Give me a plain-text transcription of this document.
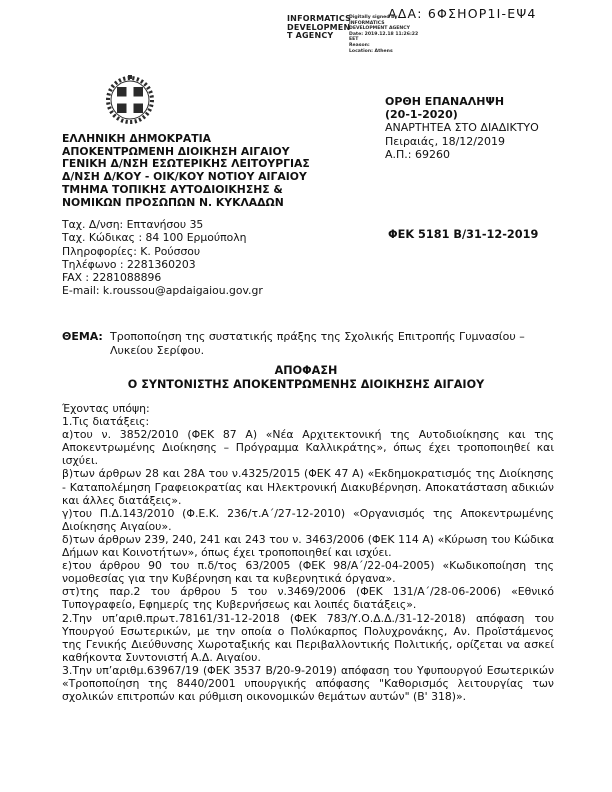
ΑΔΑ: 6ΦΣΗΟΡ1Ι-ΕΨ4
INFORMATICS
DEVELOPMEN
T AGENCY
Digitally signed by
INFORMATICS
DEVELOPMENT AGENCY
Date: 2019.12.18 11:26:22
EET
Reason:
Location: Athens
ΕΛΛΗΝΙΚΗ ΔΗΜΟΚΡΑΤΙΑ
ΑΠΟΚΕΝΤΡΩΜΕΝΗ ΔΙΟΙΚΗΣΗ ΑΙΓΑΙΟΥ
ΓΕΝΙΚΗ Δ/ΝΣΗ ΕΣΩΤΕΡΙΚΗΣ ΛΕΙΤΟΥΡΓΙΑΣ
Δ/ΝΣΗ Δ/ΚΟΥ - ΟΙΚ/ΚΟΥ ΝΟΤΙΟΥ ΑΙΓΑΙΟΥ
ΤΜΗΜΑ ΤΟΠΙΚΗΣ ΑΥΤΟΔΙΟΙΚΗΣΗΣ &
ΝΟΜΙΚΩΝ ΠΡΟΣΩΠΩΝ Ν. ΚΥΚΛΑΔΩΝ
ΟΡΘΗ ΕΠΑΝΑΛΗΨΗ
(20-1-2020)
ΑΝΑΡΤΗΤΕΑ ΣΤΟ ΔΙΑΔΙΚΤΥΟ
Πειραιάς, 18/12/2019
Α.Π.: 69260
Ταχ. Δ/νση: Επτανήσου 35
Ταχ. Κώδικας : 84 100 Ερμούπολη
Πληροφορίες: Κ. Ρούσσου
Τηλέφωνο : 2281360203
FAX : 2281088896
E-mail: k.roussou@apdaigaiou.gov.gr
ΦΕΚ 5181 Β/31-12-2019
ΘΕΜΑ: Τροποποίηση της συστατικής πράξης της Σχολικής Επιτροπής Γυμνασίου – Λυκείου Σερίφου.
ΑΠΟΦΑΣΗ
Ο ΣΥΝΤΟΝΙΣΤΗΣ ΑΠΟΚΕΝΤΡΩΜΕΝΗΣ ΔΙΟΙΚΗΣΗΣ ΑΙΓΑΙΟΥ

Έχοντας υπόψη:

1.Τις διατάξεις:

α)του ν. 3852/2010 (ΦΕΚ 87 Α) «Νέα Αρχιτεκτονική της Αυτοδιοίκησης και της Αποκεντρωμένης Διοίκησης – Πρόγραμμα Καλλικράτης», όπως έχει τροποποιηθεί και ισχύει.

β)των άρθρων 28 και 28Α του ν.4325/2015 (ΦΕΚ 47 Α) «Εκδημοκρατισμός της Διοίκησης - Καταπολέμηση Γραφειοκρατίας και Ηλεκτρονική Διακυβέρνηση. Αποκατάσταση αδικιών και άλλες διατάξεις».

γ)του Π.Δ.143/2010 (Φ.Ε.Κ. 236/τ.Α΄/27-12-2010) «Οργανισμός της Αποκεντρωμένης Διοίκησης Αιγαίου».

δ)των άρθρων 239, 240, 241 και 243 του ν. 3463/2006 (ΦΕΚ 114 Α) «Κύρωση του Κώδικα Δήμων και Κοινοτήτων», όπως έχει τροποποιηθεί και ισχύει.

ε)του άρθρου 90 του π.δ/τος 63/2005 (ΦΕΚ 98/Α΄/22-04-2005) «Κωδικοποίηση της νομοθεσίας για την Κυβέρνηση και τα κυβερνητικά όργανα».

στ)της παρ.2 του άρθρου 5 του ν.3469/2006 (ΦΕΚ 131/Α΄/28-06-2006) «Εθνικό Τυπογραφείο, Εφημερίς της Κυβερνήσεως και λοιπές διατάξεις».

2.Την υπ’αριθ.πρωτ.78161/31-12-2018 (ΦΕΚ 783/Υ.Ο.Δ.Δ./31-12-2018) απόφαση του Υπουργού Εσωτερικών, με την οποία ο Πολύκαρπος Πολυχρονάκης, Αν. Προϊστάμενος της Γενικής Διεύθυνσης Χωροταξικής και Περιβαλλοντικής Πολιτικής, ορίζεται να ασκεί καθήκοντα Συντονιστή Α.Δ. Αιγαίου.

3.Την υπ’αριθμ.63967/19 (ΦΕΚ 3537 Β/20-9-2019) απόφαση του Υφυπουργού Εσωτερικών «Τροποποίηση της 8440/2001 υπουργικής απόφασης "Καθορισμός λειτουργίας των σχολικών επιτροπών και ρύθμιση οικονομικών θεμάτων αυτών" (Β' 318)».
